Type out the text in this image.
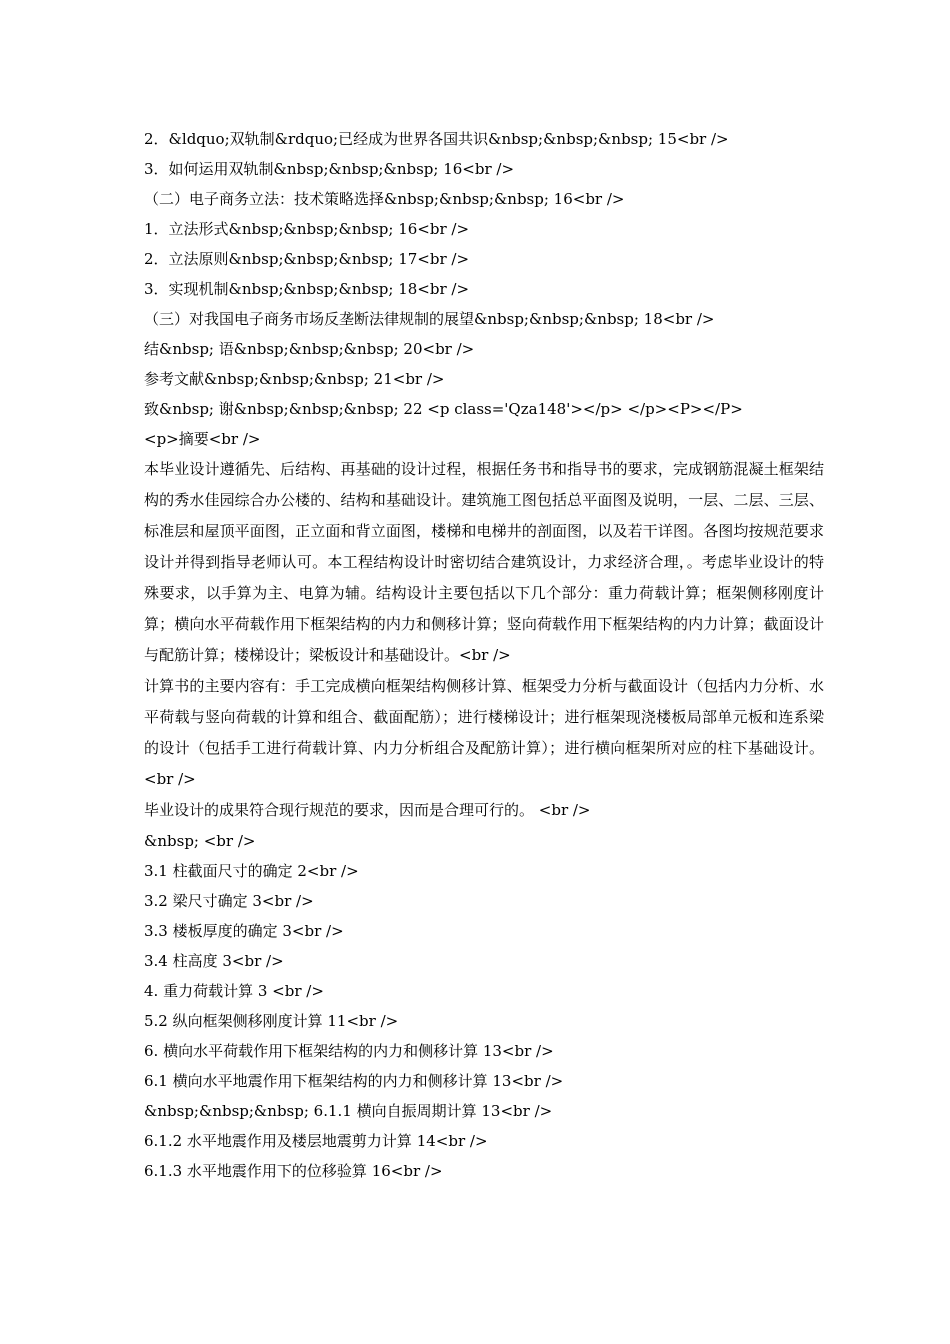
2．&ldquo;双轨制&rdquo;已经成为世界各国共识&nbsp;&nbsp;&nbsp; 15<br />
3．如何运用双轨制&nbsp;&nbsp;&nbsp; 16<br />
（二）电子商务立法：技术策略选择&nbsp;&nbsp;&nbsp; 16<br />
1．立法形式&nbsp;&nbsp;&nbsp; 16<br />
2．立法原则&nbsp;&nbsp;&nbsp; 17<br />
3．实现机制&nbsp;&nbsp;&nbsp; 18<br />
（三）对我国电子商务市场反垄断法律规制的展望&nbsp;&nbsp;&nbsp; 18<br />
结&nbsp; 语&nbsp;&nbsp;&nbsp; 20<br />
参考文献&nbsp;&nbsp;&nbsp; 21<br />
致&nbsp; 谢&nbsp;&nbsp;&nbsp; 22 <p class='Qza148'></p> </p><P></P>
<p>摘要<br />

本毕业设计遵循先、后结构、再基础的设计过程，根据任务书和指导书的要求，完成钢筋混凝土框架结构的秀水佳园综合办公楼的、结构和基础设计。建筑施工图包括总平面图及说明，一层、二层、三层、标准层和屋顶平面图，正立面和背立面图，楼梯和电梯井的剖面图，以及若干详图。各图均按规范要求设计并得到指导老师认可。本工程结构设计时密切结合建筑设计，力求经济合理，。考虑毕业设计的特殊要求，以手算为主、电算为辅。结构设计主要包括以下几个部分：重力荷载计算；框架侧移刚度计算；横向水平荷载作用下框架结构的内力和侧移计算；竖向荷载作用下框架结构的内力计算；截面设计与配筋计算；楼梯设计；梁板设计和基础设计。<br />

计算书的主要内容有：手工完成横向框架结构侧移计算、框架受力分析与截面设计（包括内力分析、水平荷载与竖向荷载的计算和组合、截面配筋）；进行楼梯设计；进行框架现浇楼板局部单元板和连系梁的设计（包括手工进行荷载计算、内力分析组合及配筋计算）；进行横向框架所对应的柱下基础设计。<br />

毕业设计的成果符合现行规范的要求，因而是合理可行的。 <br />

&nbsp; <br />
3.1 柱截面尺寸的确定 2<br />
3.2 梁尺寸确定 3<br />
3.3 楼板厚度的确定 3<br />
3.4 柱高度 3<br />
4. 重力荷载计算 3 <br />
5.2 纵向框架侧移刚度计算 11<br />
6. 横向水平荷载作用下框架结构的内力和侧移计算 13<br />
6.1 横向水平地震作用下框架结构的内力和侧移计算 13<br />
&nbsp;&nbsp;&nbsp; 6.1.1 横向自振周期计算 13<br />
6.1.2 水平地震作用及楼层地震剪力计算 14<br />
6.1.3 水平地震作用下的位移验算 16<br />
